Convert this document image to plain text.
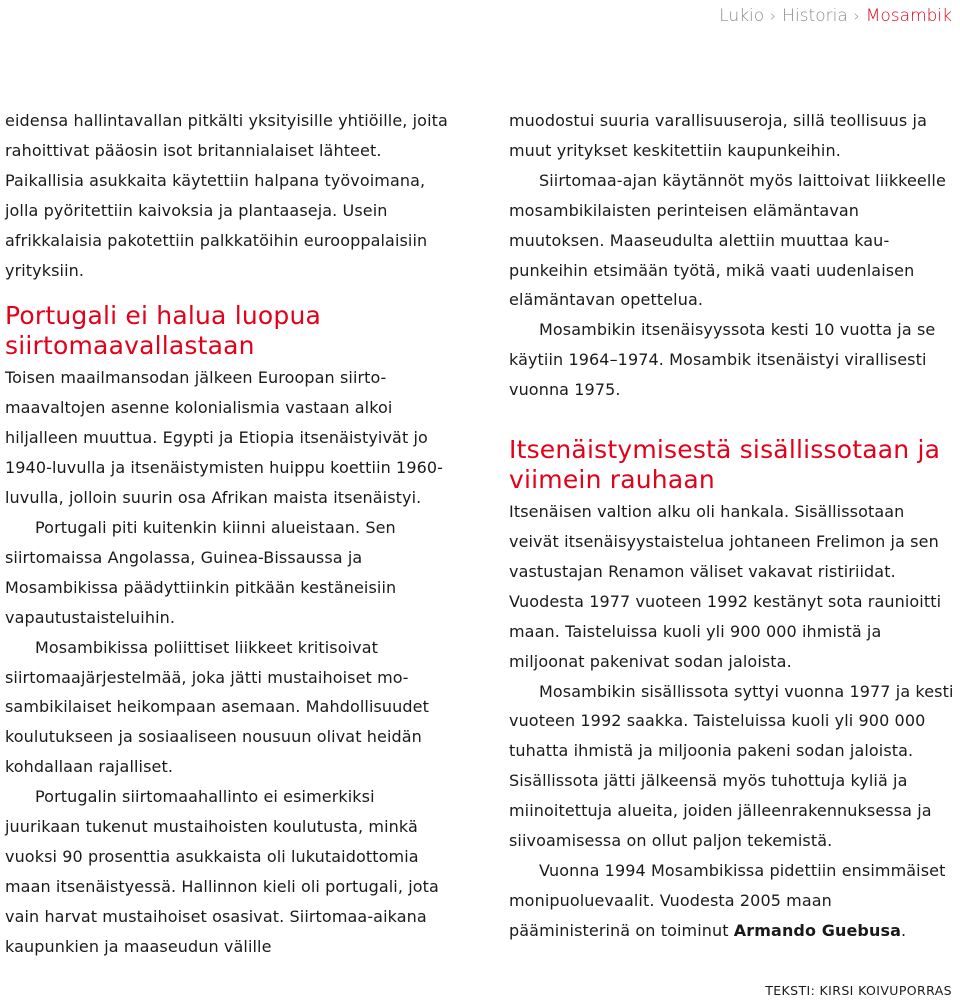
Lukio › Historia › Mosambik

eidensa hallintavallan pitkälti yksityisille yhtiöille, joita rahoittivat pääosin isot britannialaiset lähteet. Paikallisia asukkaita käytettiin halpana työvoimana, jolla pyöritettiin kaivoksia ja plantaaseja. Usein afrikkalaisia pakotettiin palkkatöihin eurooppalaisiin yrityksiin.

Portugali ei halua luopua siirtomaavallastaan

Toisen maailmansodan jälkeen Euroopan siirtomaavaltojen asenne kolonialismia vastaan alkoi hiljalleen muuttua. Egypti ja Etiopia itsenäistyivät jo 1940-luvulla ja itsenäistymisten huippu koettiin 1960-luvulla, jolloin suurin osa Afrikan maista itsenäistyi.

Portugali piti kuitenkin kiinni alueistaan. Sen siirtomaissa Angolassa, Guinea-Bissaussa ja Mosambikissa päädyttiinkin pitkään kestäneisiin vapautustaisteluihin.

Mosambikissa poliittiset liikkeet kritisoivat siirtomaajärjestelmää, joka jätti mustaihoiset mosambikilaiset heikompaan asemaan. Mahdollisuudet koulutukseen ja sosiaaliseen nousuun olivat heidän kohdallaan rajalliset.

Portugalin siirtomaahallinto ei esimerkiksi juurikaan tukenut mustaihoisten koulutusta, minkä vuoksi 90 prosenttia asukkaista oli lukutaidottomia maan itsenäistyessä. Hallinnon kieli oli portugali, jota vain harvat mustaihoiset osasivat. Siirtomaa-aikana kaupunkien ja maaseudun välille

muodostui suuria varallisuuseroja, sillä teollisuus ja muut yritykset keskitettiin kaupunkeihin.

Siirtomaa-ajan käytännöt myös laittoivat liikkeelle mosambikilaisten perinteisen elämäntavan muutoksen. Maaseudulta alettiin muuttaa kaupunkeihin etsimään työtä, mikä vaati uudenlaisen elämäntavan opettelua.

Mosambikin itsenäisyyssota kesti 10 vuotta ja se käytiin 1964–1974. Mosambik itsenäistyi virallisesti vuonna 1975.

Itsenäistymisestä sisällissotaan ja viimein rauhaan

Itsenäisen valtion alku oli hankala. Sisällissotaan veivät itsenäisyystaistelua johtaneen Frelimon ja sen vastustajan Renamon väliset vakavat ristiriidat. Vuodesta 1977 vuoteen 1992 kestänyt sota raunioitti maan. Taisteluissa kuoli yli 900 000 ihmistä ja miljoonat pakenivat sodan jaloista.

Mosambikin sisällissota syttyi vuonna 1977 ja kesti vuoteen 1992 saakka. Taisteluissa kuoli yli 900 000 tuhatta ihmistä ja miljoonia pakeni sodan jaloista. Sisällissota jätti jälkeensä myös tuhottuja kyliä ja miinoitettuja alueita, joiden jälleenrakennuksessa ja siivoamisessa on ollut paljon tekemistä.

Vuonna 1994 Mosambikissa pidettiin ensimmäiset monipuoluevaalit. Vuodesta 2005 maan pääministerinä on toiminut Armando Guebusa.

TEKSTI: KIRSI KOIVUPORRAS
